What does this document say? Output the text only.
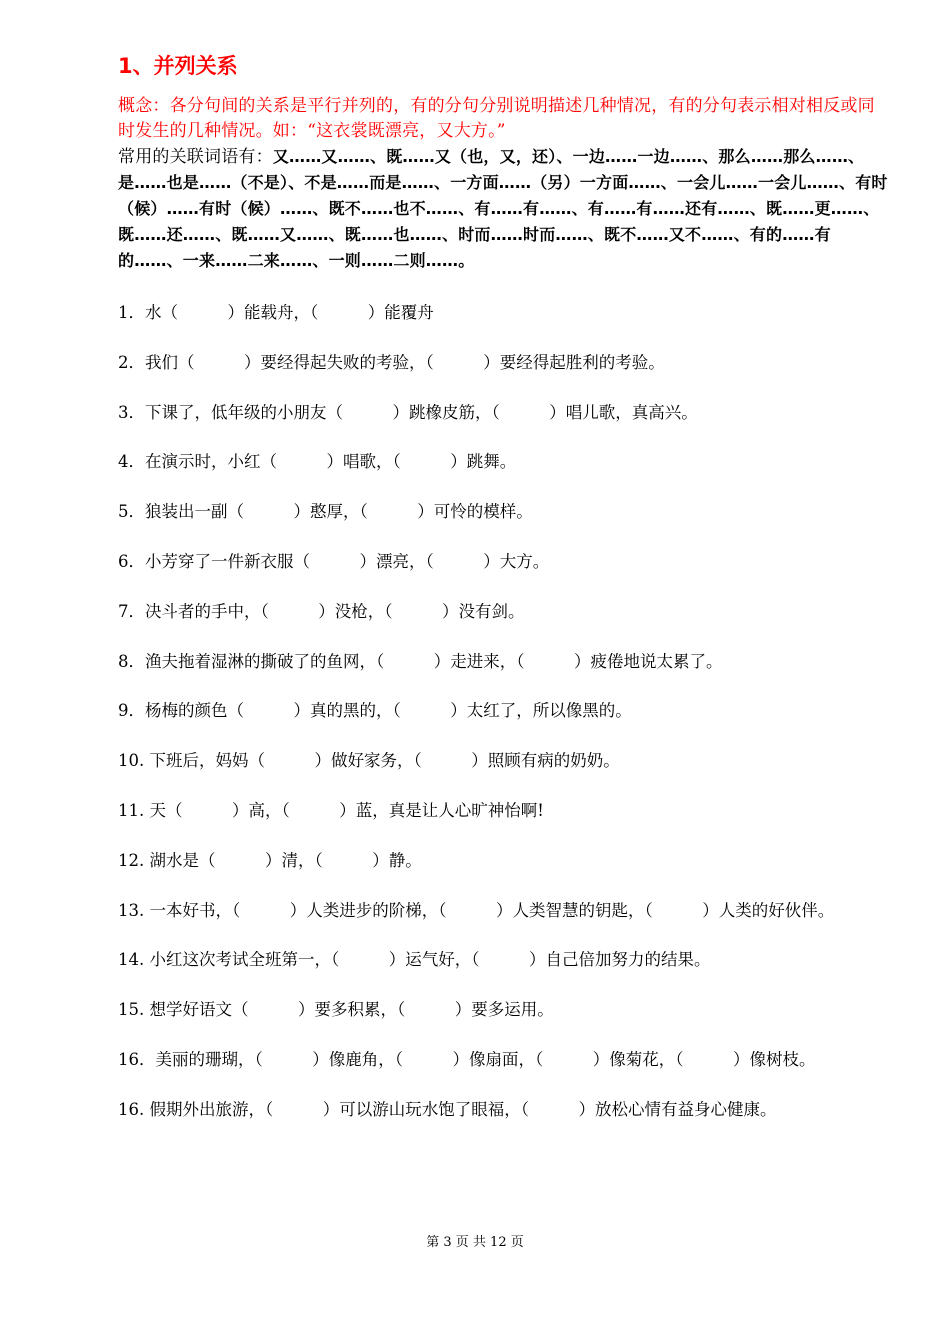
1、并列关系

概念：各分句间的关系是平行并列的，有的分句分别说明描述几种情况，有的分句表示相对相反或同时发生的几种情况。如：“这衣裳既漂亮，又大方。”

常用的关联词语有：又……又……、既……又（也，又，还）、一边……一边……、那么……那么……、是……也是……（不是）、不是……而是……、一方面……（另）一方面……、一会儿……一会儿……、有时（候）……有时（候）……、既不……也不……、有……有……、有……有……还有……、既……更……、既……还……、既……又……、既……也……、时而……时而……、既不……又不……、有的……有的……、一来……二来……、一则……二则……。

1．水（　　　）能载舟，（　　　）能覆舟

2．我们（　　　）要经得起失败的考验，（　　　）要经得起胜利的考验。

3．下课了，低年级的小朋友（　　　）跳橡皮筋，（　　　）唱儿歌，真高兴。

4．在演示时，小红（　　　）唱歌，（　　　）跳舞。

5．狼装出一副（　　　）憨厚，（　　　）可怜的模样。

6．小芳穿了一件新衣服（　　　）漂亮，（　　　）大方。

7．决斗者的手中，（　　　）没枪，（　　　）没有剑。

8．渔夫拖着湿淋的撕破了的鱼网，（　　　）走进来，（　　　）疲倦地说太累了。

9．杨梅的颜色（　　　）真的黑的，（　　　）太红了，所以像黑的。

10. 下班后，妈妈（　　　）做好家务，（　　　）照顾有病的奶奶。

11. 天（　　　）高，（　　　）蓝，真是让人心旷神怡啊!

12. 湖水是（　　　）清，（　　　）静。

13. 一本好书，（　　　）人类进步的阶梯，（　　　）人类智慧的钥匙，（　　　）人类的好伙伴。

14. 小红这次考试全班第一，（　　　）运气好，（　　　）自己倍加努力的结果。

15. 想学好语文（　　　）要多积累，（　　　）要多运用。

16．美丽的珊瑚，（　　　）像鹿角，（　　　）像扇面，（　　　）像菊花，（　　　）像树枝。

16. 假期外出旅游，（　　　）可以游山玩水饱了眼福，（　　　）放松心情有益身心健康。

第 3 页 共 12 页
